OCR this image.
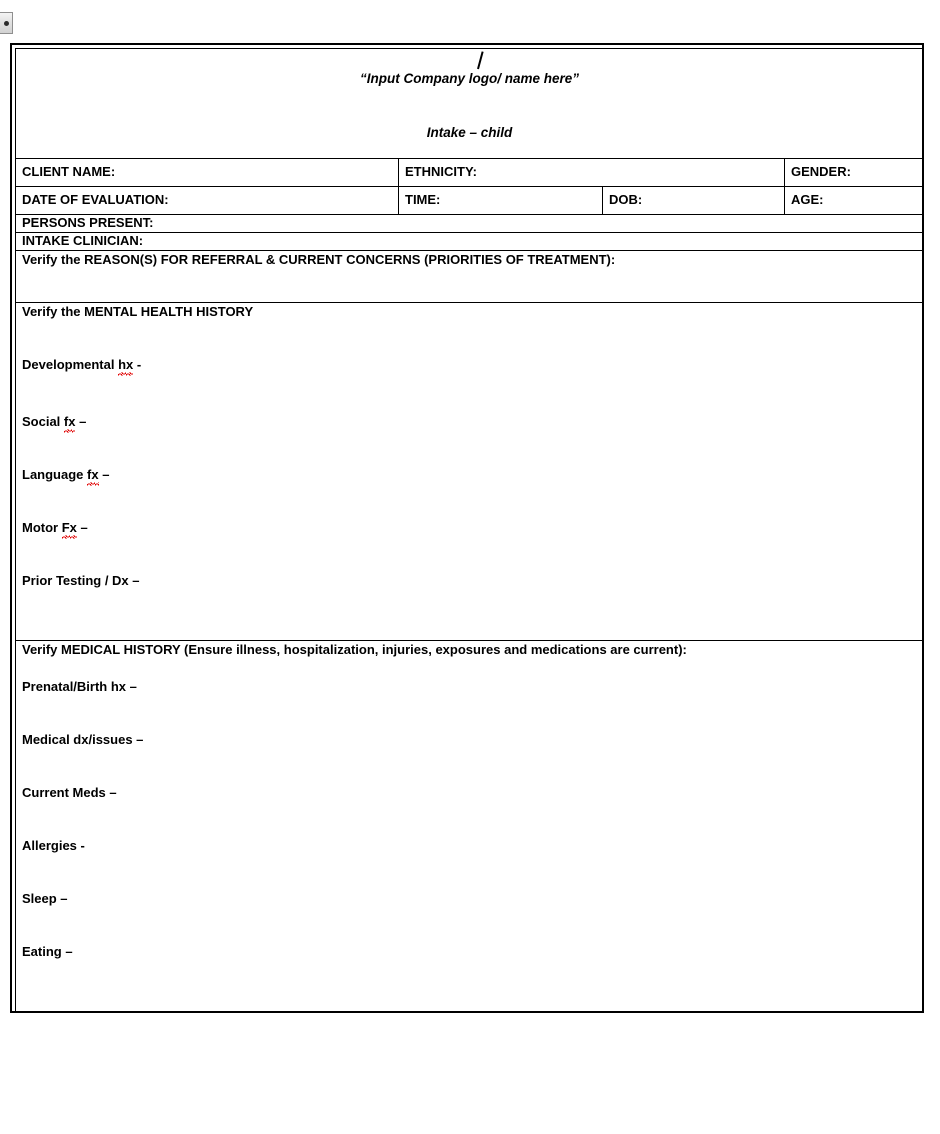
“Input Company logo/ name here”
Intake – child			

CLIENT NAME:	ETHNICITY:		GENDER:
DATE OF EVALUATION:	TIME:	DOB:	AGE:
PERSONS PRESENT:			
INTAKE CLINICIAN:			

Verify the REASON(S) FOR REFERRAL & CURRENT CONCERNS (PRIORITIES OF TREATMENT):			

Verify the MENTAL HEALTH HISTORY
Developmental hx -
Social fx –
Language fx –
Motor Fx –
Prior Testing / Dx –

Verify MEDICAL HISTORY (Ensure illness, hospitalization, injuries, exposures and medications are current):
Prenatal/Birth hx –
Medical dx/issues –
Current Meds –
Allergies -
Sleep –
Eating –
